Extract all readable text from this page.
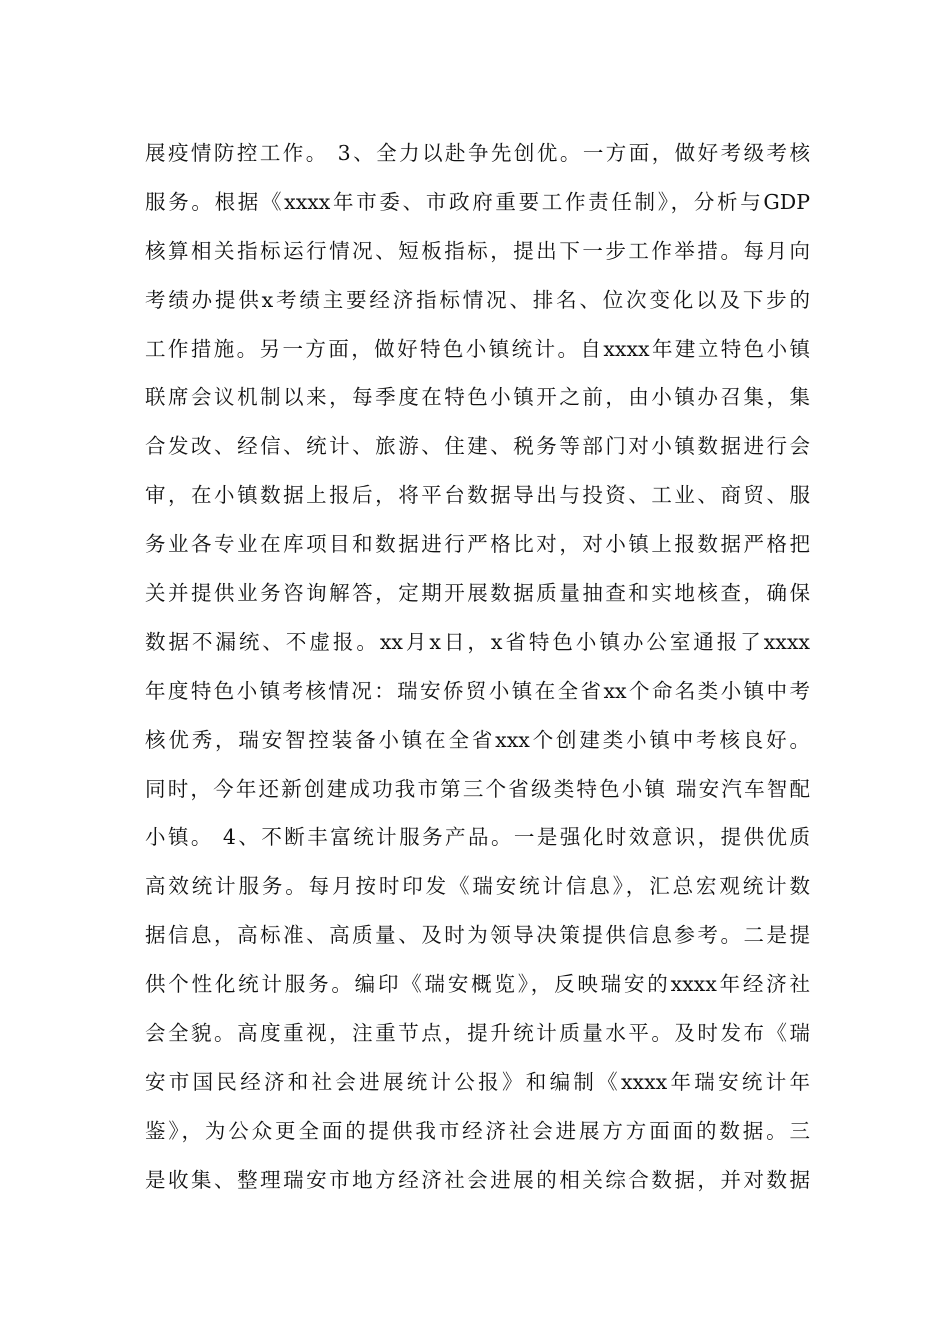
展疫情防控工作。 3、全力以赴争先创优。一方面，做好考级考核
服务。根据《xxxx年市委、市政府重要工作责任制》，分析与GDP
核算相关指标运行情况、短板指标，提出下一步工作举措。每月向
考绩办提供x考绩主要经济指标情况、排名、位次变化以及下步的
工作措施。另一方面，做好特色小镇统计。自xxxx年建立特色小镇
联席会议机制以来，每季度在特色小镇开之前，由小镇办召集，集
合发改、经信、统计、旅游、住建、税务等部门对小镇数据进行会
审，在小镇数据上报后，将平台数据导出与投资、工业、商贸、服
务业各专业在库项目和数据进行严格比对，对小镇上报数据严格把
关并提供业务咨询解答，定期开展数据质量抽查和实地核查，确保
数据不漏统、不虚报。xx月x日，x省特色小镇办公室通报了xxxx
年度特色小镇考核情况：瑞安侨贸小镇在全省xx个命名类小镇中考
核优秀，瑞安智控装备小镇在全省xxx个创建类小镇中考核良好。
同时，今年还新创建成功我市第三个省级类特色小镇 瑞安汽车智配
小镇。 4、不断丰富统计服务产品。一是强化时效意识，提供优质
高效统计服务。每月按时印发《瑞安统计信息》，汇总宏观统计数
据信息，高标准、高质量、及时为领导决策提供信息参考。二是提
供个性化统计服务。编印《瑞安概览》，反映瑞安的xxxx年经济社
会全貌。高度重视，注重节点，提升统计质量水平。及时发布《瑞
安市国民经济和社会进展统计公报》和编制《xxxx年瑞安统计年
鉴》，为公众更全面的提供我市经济社会进展方方面面的数据。三
是收集、整理瑞安市地方经济社会进展的相关综合数据，并对数据
